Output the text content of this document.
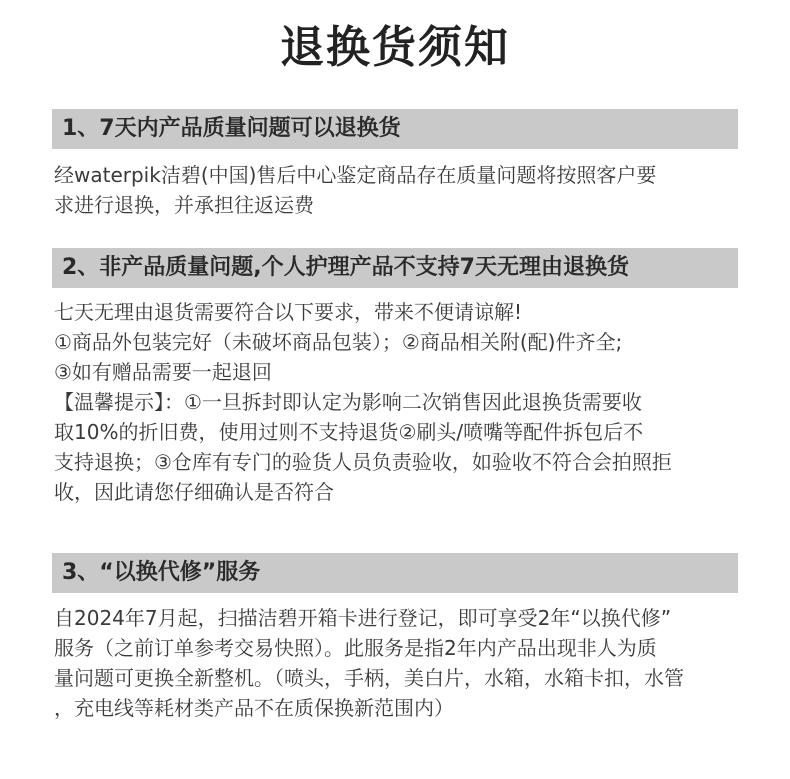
退换货须知
1、7天内产品质量问题可以退换货
经waterpik洁碧(中国)售后中心鉴定商品存在质量问题将按照客户要
求进行退换，并承担往返运费
2、非产品质量问题,个人护理产品不支持7天无理由退换货
七天无理由退货需要符合以下要求，带来不便请谅解!
①商品外包装完好（未破坏商品包装）；②商品相关附(配)件齐全;
③如有赠品需要一起退回
【温馨提示】：①一旦拆封即认定为影响二次销售因此退换货需要收
取10%的折旧费，使用过则不支持退货②刷头/喷嘴等配件拆包后不
支持退换；③仓库有专门的验货人员负责验收，如验收不符合会拍照拒
收，因此请您仔细确认是否符合
3、“以换代修”服务
自2024年7月起，扫描洁碧开箱卡进行登记，即可享受2年“以换代修”
服务（之前订单参考交易快照）。此服务是指2年内产品出现非人为质
量问题可更换全新整机。（喷头，手柄，美白片，水箱，水箱卡扣，水管
，充电线等耗材类产品不在质保换新范围内）
